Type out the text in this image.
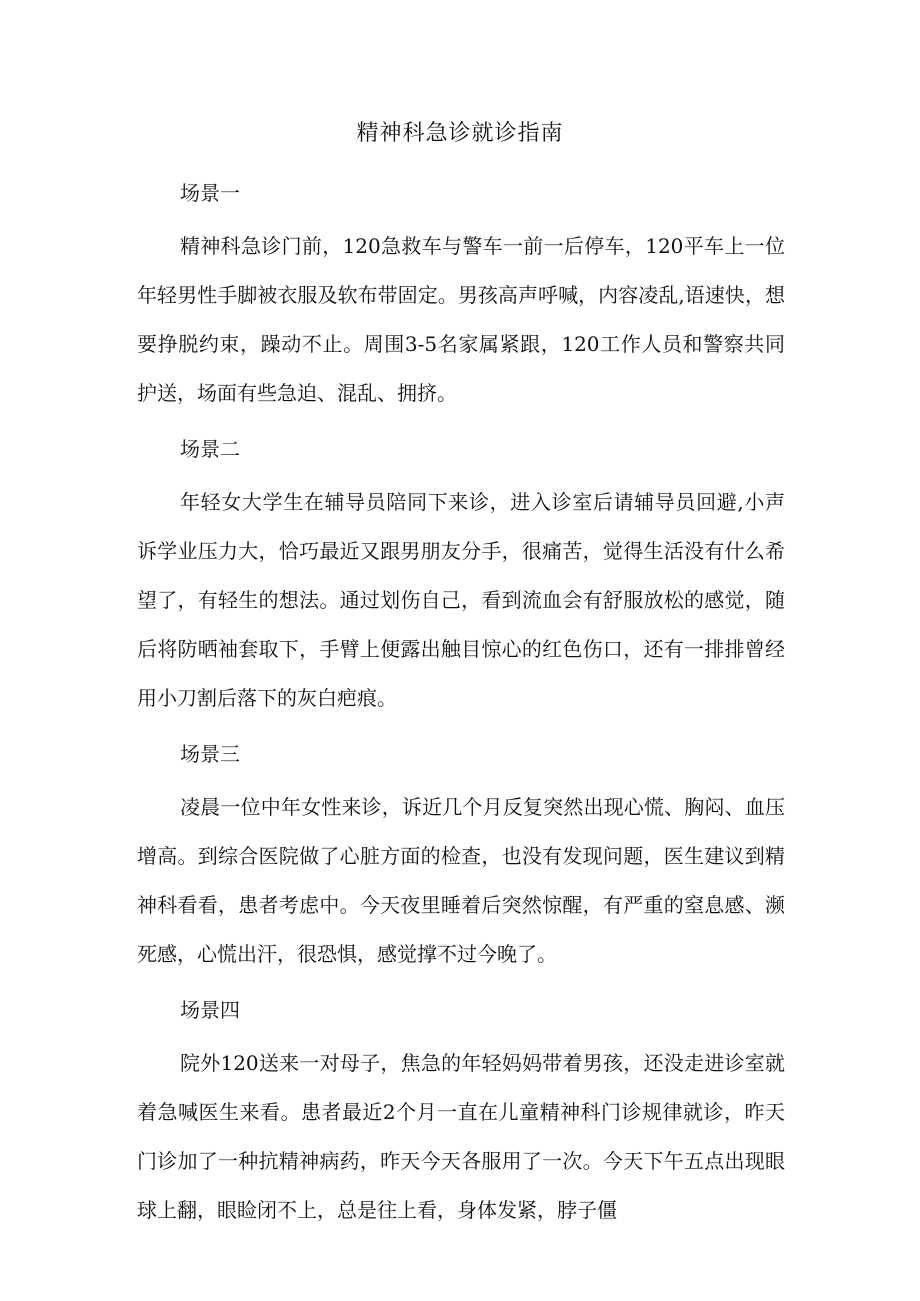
精神科急诊就诊指南

场景一

精神科急诊门前，120急救车与警车一前一后停车，120平车上一位年轻男性手脚被衣服及软布带固定。男孩高声呼喊，内容凌乱,语速快，想要挣脱约束，躁动不止。周围3-5名家属紧跟，120工作人员和警察共同护送，场面有些急迫、混乱、拥挤。

场景二

年轻女大学生在辅导员陪同下来诊，进入诊室后请辅导员回避,小声诉学业压力大，恰巧最近又跟男朋友分手，很痛苦，觉得生活没有什么希望了，有轻生的想法。通过划伤自己，看到流血会有舒服放松的感觉，随后将防晒袖套取下，手臂上便露出触目惊心的红色伤口，还有一排排曾经用小刀割后落下的灰白疤痕。

场景三

凌晨一位中年女性来诊，诉近几个月反复突然出现心慌、胸闷、血压增高。到综合医院做了心脏方面的检查，也没有发现问题，医生建议到精神科看看，患者考虑中。今天夜里睡着后突然惊醒，有严重的窒息感、濒死感，心慌出汗，很恐惧，感觉撑不过今晚了。

场景四

院外120送来一对母子，焦急的年轻妈妈带着男孩，还没走进诊室就着急喊医生来看。患者最近2个月一直在儿童精神科门诊规律就诊，昨天门诊加了一种抗精神病药，昨天今天各服用了一次。今天下午五点出现眼球上翻，眼睑闭不上，总是往上看，身体发紧，脖子僵
